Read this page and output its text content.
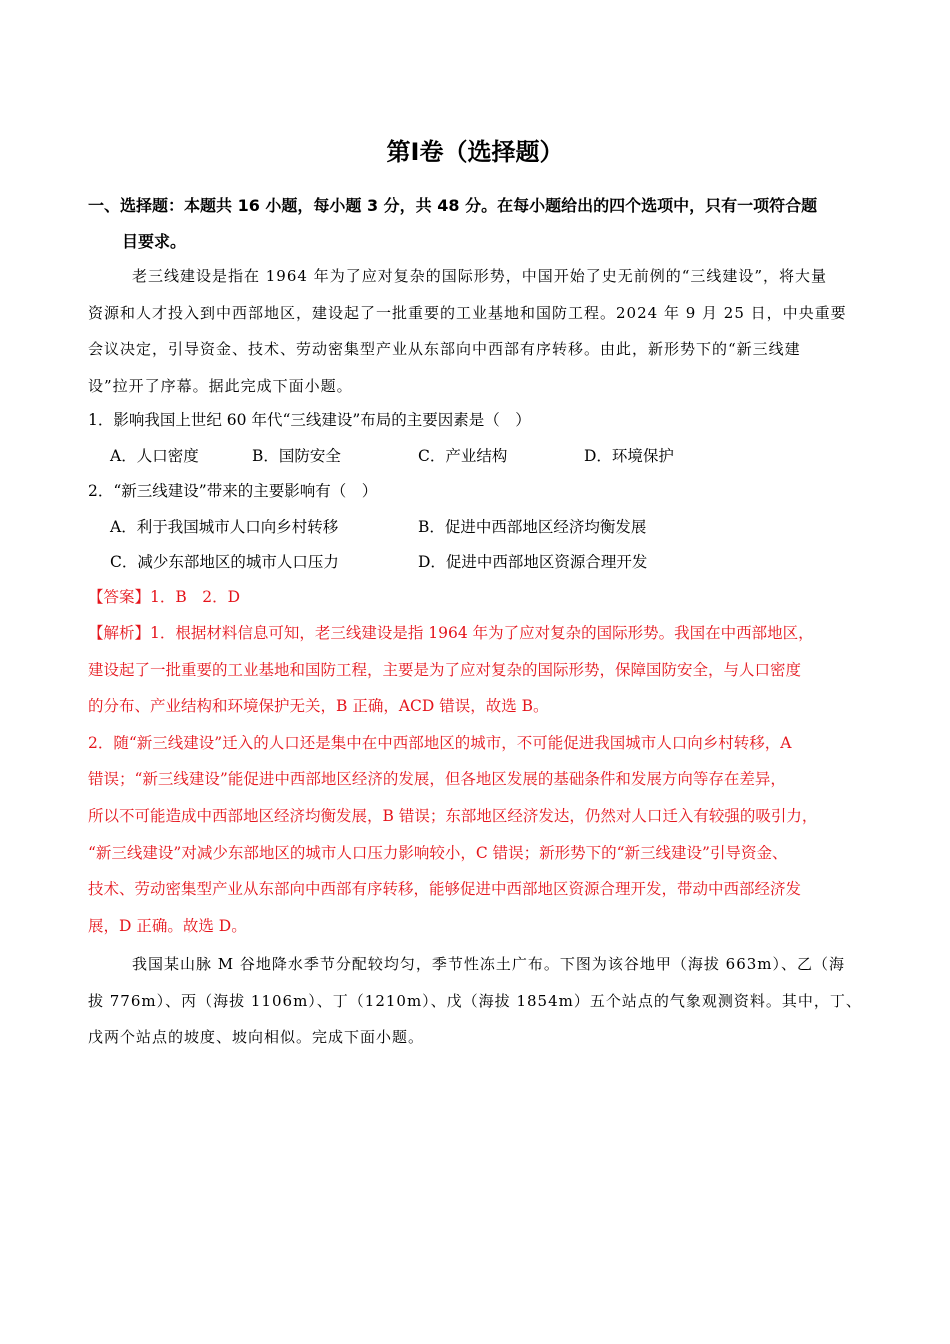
第Ⅰ卷（选择题）
一、选择题：本题共 16 小题，每小题 3 分，共 48 分。在每小题给出的四个选项中，只有一项符合题
目要求。
老三线建设是指在 1964 年为了应对复杂的国际形势，中国开始了史无前例的“三线建设”，将大量
资源和人才投入到中西部地区，建设起了一批重要的工业基地和国防工程。2024 年 9 月 25 日，中央重要
会议决定，引导资金、技术、劳动密集型产业从东部向中西部有序转移。由此，新形势下的“新三线建
设”拉开了序幕。据此完成下面小题。
1．影响我国上世纪 60 年代“三线建设”布局的主要因素是（　）
A．人口密度	B．国防安全	C．产业结构	D．环境保护
2．“新三线建设”带来的主要影响有（　）
A．利于我国城市人口向乡村转移	B．促进中西部地区经济均衡发展
C．减少东部地区的城市人口压力	D．促进中西部地区资源合理开发
【答案】1．B　2．D
【解析】1．根据材料信息可知，老三线建设是指 1964 年为了应对复杂的国际形势。我国在中西部地区，
建设起了一批重要的工业基地和国防工程，主要是为了应对复杂的国际形势，保障国防安全，与人口密度
的分布、产业结构和环境保护无关，B 正确，ACD 错误，故选 B。
2．随“新三线建设”迁入的人口还是集中在中西部地区的城市，不可能促进我国城市人口向乡村转移，A
错误；“新三线建设”能促进中西部地区经济的发展，但各地区发展的基础条件和发展方向等存在差异，
所以不可能造成中西部地区经济均衡发展，B 错误；东部地区经济发达，仍然对人口迁入有较强的吸引力，
“新三线建设”对减少东部地区的城市人口压力影响较小，C 错误；新形势下的“新三线建设”引导资金、
技术、劳动密集型产业从东部向中西部有序转移，能够促进中西部地区资源合理开发，带动中西部经济发
展，D 正确。故选 D。
我国某山脉 M 谷地降水季节分配较均匀，季节性冻土广布。下图为该谷地甲（海拔 663m）、乙（海
拔 776m）、丙（海拔 1106m）、丁（1210m）、戊（海拔 1854m）五个站点的气象观测资料。其中，丁、
戊两个站点的坡度、坡向相似。完成下面小题。
